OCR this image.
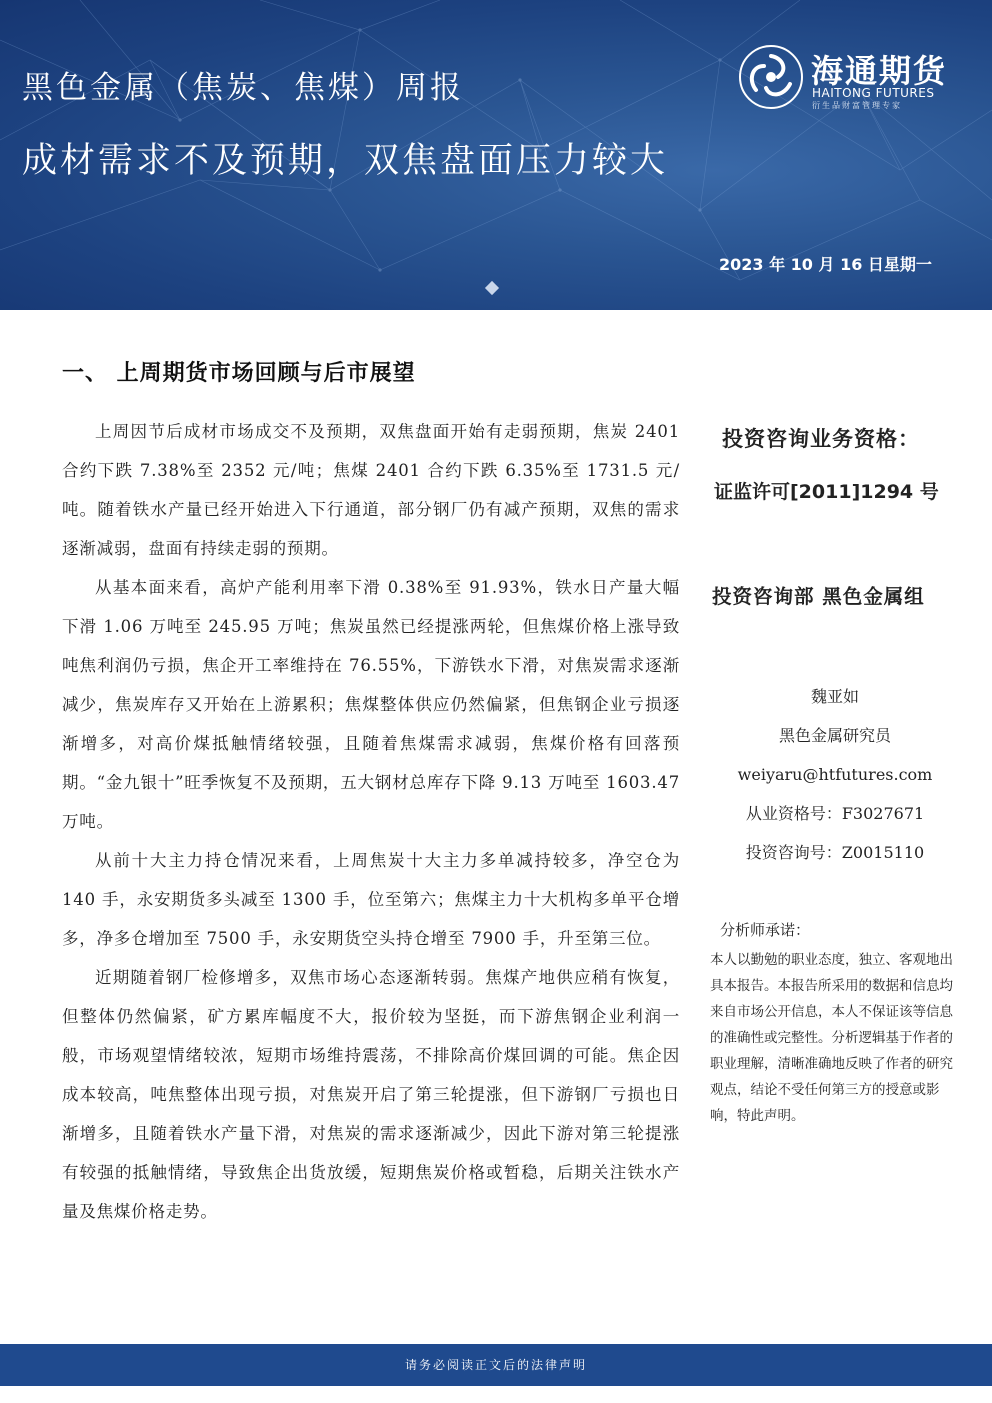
黑色金属（焦炭、焦煤）周报
成材需求不及预期，双焦盘面压力较大
海通期货
HAITONG FUTURES
衍生品财富管理专家
2023 年 10 月 16 日星期一
一、 上周期货市场回顾与后市展望

上周因节后成材市场成交不及预期，双焦盘面开始有走弱预期，焦炭 2401 合约下跌 7.38%至 2352 元/吨；焦煤 2401 合约下跌 6.35%至 1731.5 元/吨。随着铁水产量已经开始进入下行通道，部分钢厂仍有减产预期，双焦的需求逐渐减弱，盘面有持续走弱的预期。

从基本面来看，高炉产能利用率下滑 0.38%至 91.93%，铁水日产量大幅下滑 1.06 万吨至 245.95 万吨；焦炭虽然已经提涨两轮，但焦煤价格上涨导致吨焦利润仍亏损，焦企开工率维持在 76.55%，下游铁水下滑，对焦炭需求逐渐减少，焦炭库存又开始在上游累积；焦煤整体供应仍然偏紧，但焦钢企业亏损逐渐增多，对高价煤抵触情绪较强，且随着焦煤需求减弱，焦煤价格有回落预期。“金九银十”旺季恢复不及预期，五大钢材总库存下降 9.13 万吨至 1603.47 万吨。

从前十大主力持仓情况来看，上周焦炭十大主力多单减持较多，净空仓为 140 手，永安期货多头减至 1300 手，位至第六；焦煤主力十大机构多单平仓增多，净多仓增加至 7500 手，永安期货空头持仓增至 7900 手，升至第三位。

近期随着钢厂检修增多，双焦市场心态逐渐转弱。焦煤产地供应稍有恢复，但整体仍然偏紧，矿方累库幅度不大，报价较为坚挺，而下游焦钢企业利润一般，市场观望情绪较浓，短期市场维持震荡，不排除高价煤回调的可能。焦企因成本较高，吨焦整体出现亏损，对焦炭开启了第三轮提涨，但下游钢厂亏损也日渐增多，且随着铁水产量下滑，对焦炭的需求逐渐减少，因此下游对第三轮提涨有较强的抵触情绪，导致焦企出货放缓，短期焦炭价格或暂稳，后期关注铁水产量及焦煤价格走势。

投资咨询业务资格：
证监许可[2011]1294 号
投资咨询部 黑色金属组
魏亚如
黑色金属研究员
weiyaru@htfutures.com
从业资格号：F3027671
投资咨询号：Z0015110
分析师承诺：
本人以勤勉的职业态度，独立、客观地出具本报告。本报告所采用的数据和信息均来自市场公开信息，本人不保证该等信息的准确性或完整性。分析逻辑基于作者的职业理解，清晰准确地反映了作者的研究观点，结论不受任何第三方的授意或影响，特此声明。
请务必阅读正文后的法律声明
